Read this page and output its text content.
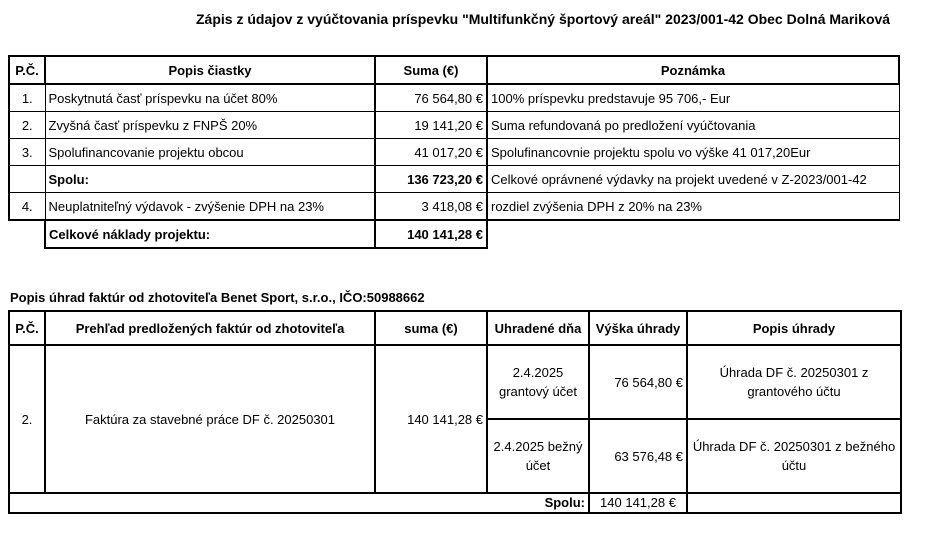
Zápis z údajov z vyúčtovania príspevku "Multifunkčný športový areál" 2023/001-42 Obec Dolná Mariková
P.Č.	Popis čiastky	Suma (€)	Poznámka
1.	Poskytnutá časť príspevku na účet 80%	76 564,80 €	100% príspevku predstavuje 95 706,- Eur
2.	Zvyšná časť príspevku z FNPŠ 20%	19 141,20 €	Suma refundovaná po predložení vyúčtovania
3.	Spolufinancovanie projektu obcou	41 017,20 €	Spolufinancovnie projektu spolu vo výške 41 017,20Eur
	Spolu:	136 723,20 €	Celkové oprávnené výdavky na projekt uvedené v Z-2023/001-42
4.	Neuplatniteľný výdavok - zvýšenie DPH na 23%	3 418,08 €	rozdiel zvýšenia DPH z 20% na 23%
	Celkové náklady projektu:	140 141,28 €	
Popis úhrad faktúr od zhotoviteľa Benet Sport, s.r.o., IČO:50988662
P.Č.	Prehľad predložených faktúr od zhotoviteľa	suma (€)	Uhradené dňa	Výška úhrady	Popis úhrady
2.	Faktúra za stavebné práce DF č. 20250301	140 141,28 €	2.4.2025 grantový účet	76 564,80 €	Úhrada DF č. 20250301 z grantového účtu
			2.4.2025 bežný účet	63 576,48 €	Úhrada DF č. 20250301 z bežného účtu
Spolu:				140 141,28 €	
